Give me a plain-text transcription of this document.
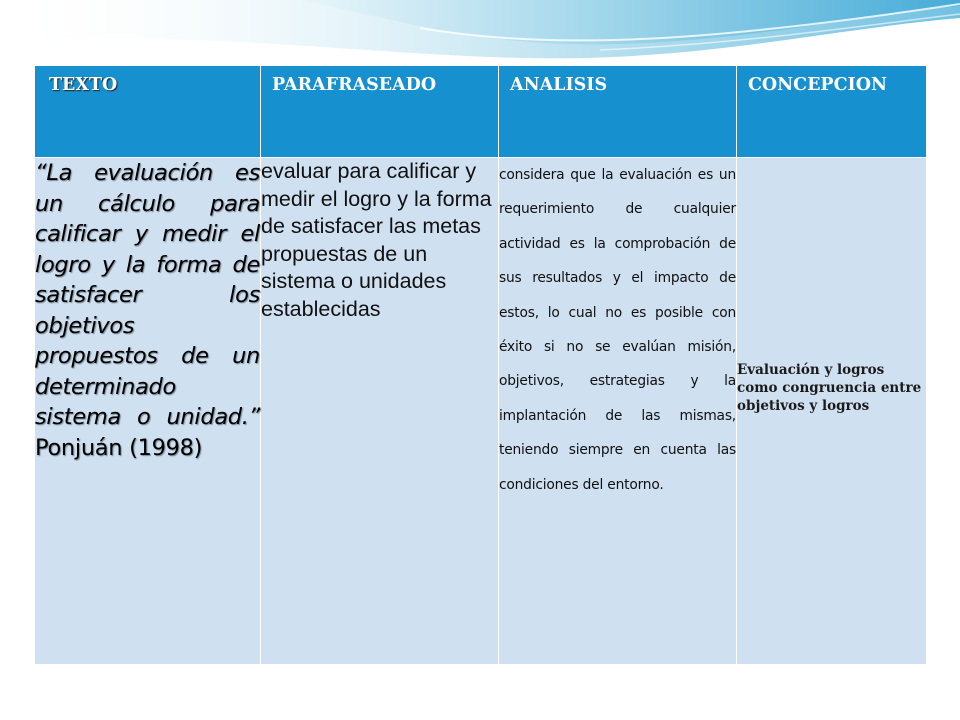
TEXTO	PARAFRASEADO	ANALISIS	CONCEPCION

“La evaluación es un cálculo para calificar y medir el logro y la forma de satisfacer los objetivos propuestos de un determinado sistema o unidad.” Ponjuán (1998)	evaluar para calificar y medir el logro y la forma de satisfacer las metas propuestas de un sistema o unidades establecidas	considera que la evaluación es un requerimiento de cualquier actividad es la comprobación de sus resultados y el impacto de estos, lo cual no es posible con éxito si no se evalúan misión, objetivos, estrategias y la implantación de las mismas, teniendo siempre en cuenta las condiciones del entorno.	Evaluación y logros como congruencia entre objetivos y logros
